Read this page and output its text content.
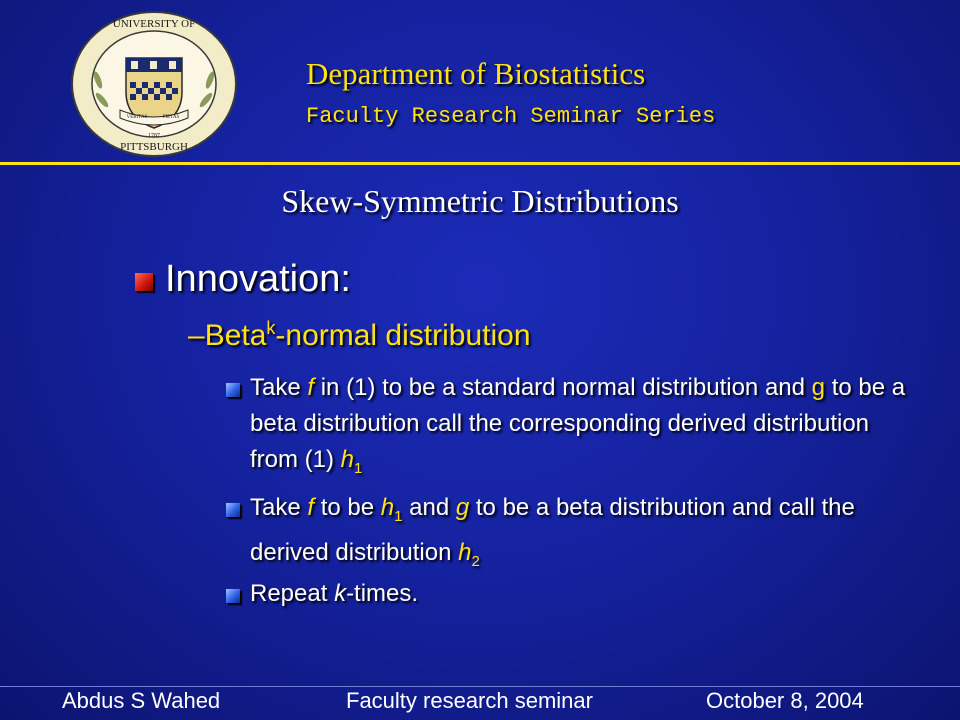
UNIVERSITY OF
PITTSBURGH
VERITAS	PIETAS
1787
Department of Biostatistics
Faculty Research Seminar Series
Skew-Symmetric Distributions
Innovation:
–Beta$^k$-normal distribution
Take f in (1) to be a standard normal distribution and g to be a beta distribution call the corresponding derived distribution from (1) $h_1$
Take f to be $h_1$ and g to be a beta distribution and call the derived distribution $h_2$
Repeat k-times.
Abdus S Wahed	Faculty research seminar	October 8, 2004
